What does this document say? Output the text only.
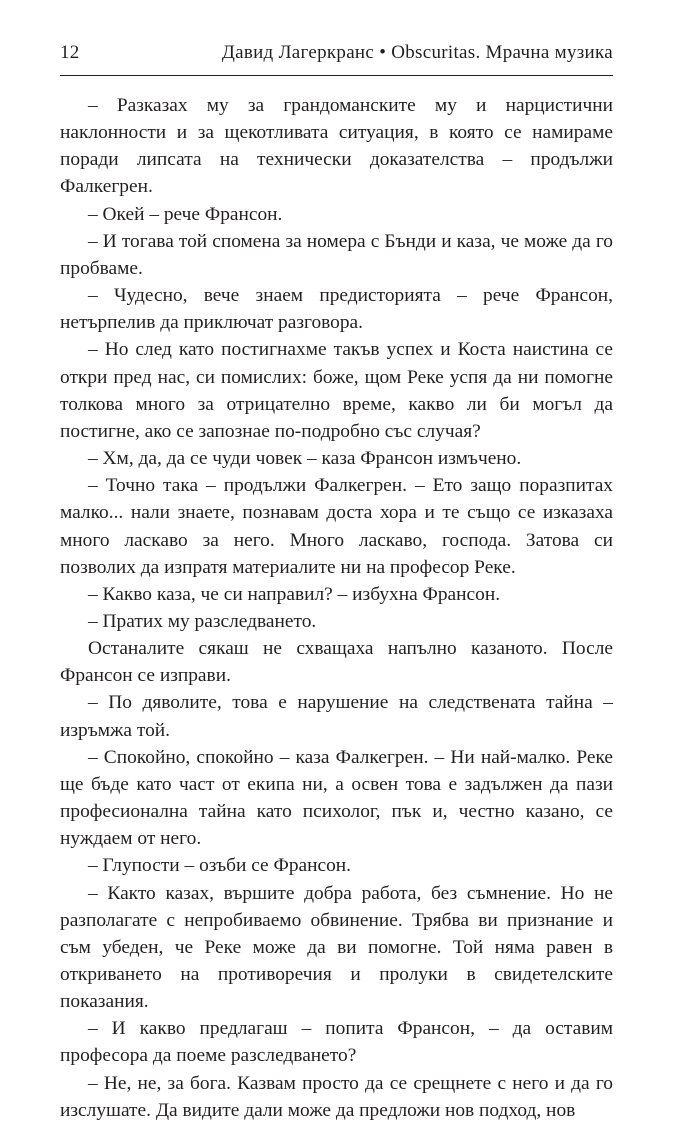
12	Давид Лагеркранс • Obscuritas. Мрачна музика

– Разказах му за грандоманските му и нарцистични наклонности и за щекотливата ситуация, в която се намираме поради липсата на технически доказателства – продължи Фалкегрен.

– Окей – рече Франсон.

– И тогава той спомена за номера с Бънди и каза, че може да го пробваме.

– Чудесно, вече знаем предисторията – рече Франсон, нетърпелив да приключат разговора.

– Но след като постигнахме такъв успех и Коста наистина се откри пред нас, си помислих: боже, щом Реке успя да ни помогне толкова много за отрицателно време, какво ли би могъл да постигне, ако се запознае по-подробно със случая?

– Хм, да, да се чуди човек – каза Франсон измъчено.

– Точно така – продължи Фалкегрен. – Ето защо поразпитах малко... нали знаете, познавам доста хора и те също се изказаха много ласкаво за него. Много ласкаво, господа. Затова си позволих да изпратя материалите ни на професор Реке.

– Какво каза, че си направил? – избухна Франсон.

– Пратих му разследването.

Останалите сякаш не схващаха напълно казаното. После Франсон се изправи.

– По дяволите, това е нарушение на следствената тайна – изръмжа той.

– Спокойно, спокойно – каза Фалкегрен. – Ни най-малко. Реке ще бъде като част от екипа ни, а освен това е задължен да пази професионална тайна като психолог, пък и, честно казано, се нуждаем от него.

– Глупости – озъби се Франсон.

– Както казах, вършите добра работа, без съмнение. Но не разполагате с непробиваемо обвинение. Трябва ви признание и съм убеден, че Реке може да ви помогне. Той няма равен в откриването на противоречия и пролуки в свидетелските показания.

– И какво предлагаш – попита Франсон, – да оставим професора да поеме разследването?

– Не, не, за бога. Казвам просто да се срещнете с него и да го изслушате. Да видите дали може да предложи нов подход, нов
